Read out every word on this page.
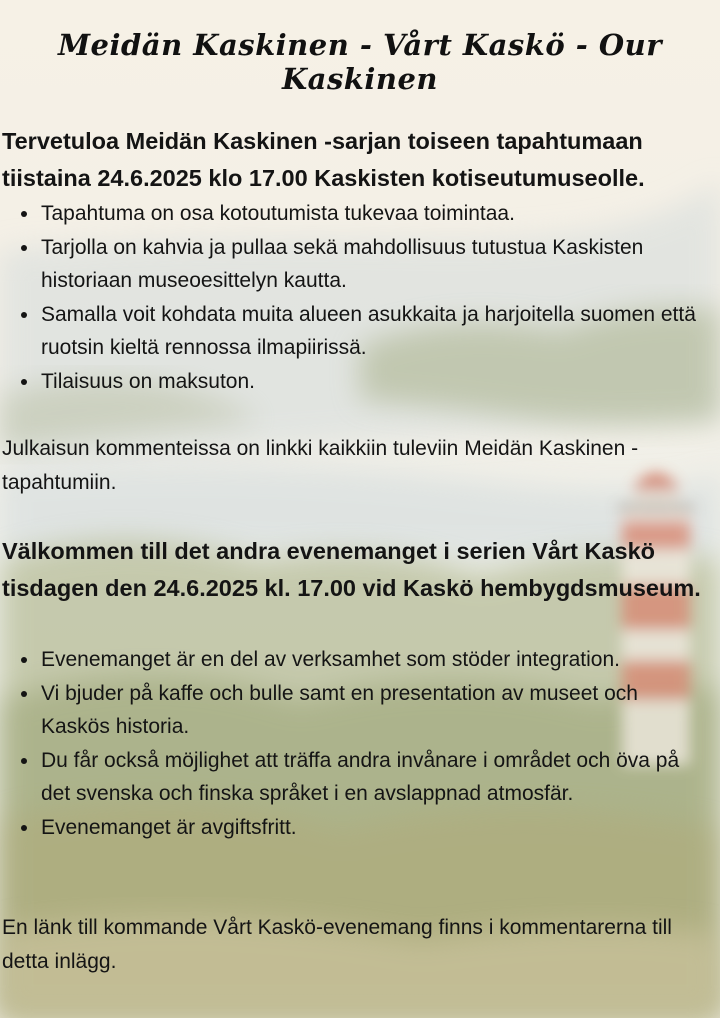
Meidän Kaskinen - Vårt Kaskö - Our Kaskinen

Tervetuloa Meidän Kaskinen -sarjan toiseen tapahtumaan tiistaina 24.6.2025 klo 17.00 Kaskisten kotiseutumuseolle.

Tapahtuma on osa kotoutumista tukevaa toimintaa.
Tarjolla on kahvia ja pullaa sekä mahdollisuus tutustua Kaskisten historiaan museoesittelyn kautta.
Samalla voit kohdata muita alueen asukkaita ja harjoitella suomen että ruotsin kieltä rennossa ilmapiirissä.
Tilaisuus on maksuton.

Julkaisun kommenteissa on linkki kaikkiin tuleviin Meidän Kaskinen -tapahtumiin.

Välkommen till det andra evenemanget i serien Vårt Kaskö tisdagen den 24.6.2025 kl. 17.00 vid Kaskö hembygdsmuseum.

Evenemanget är en del av verksamhet som stöder integration.
Vi bjuder på kaffe och bulle samt en presentation av museet och Kaskös historia.
Du får också möjlighet att träffa andra invånare i området och öva på det svenska och finska språket i en avslappnad atmosfär.
Evenemanget är avgiftsfritt.

En länk till kommande Vårt Kaskö-evenemang finns i kommentarerna till detta inlägg.
